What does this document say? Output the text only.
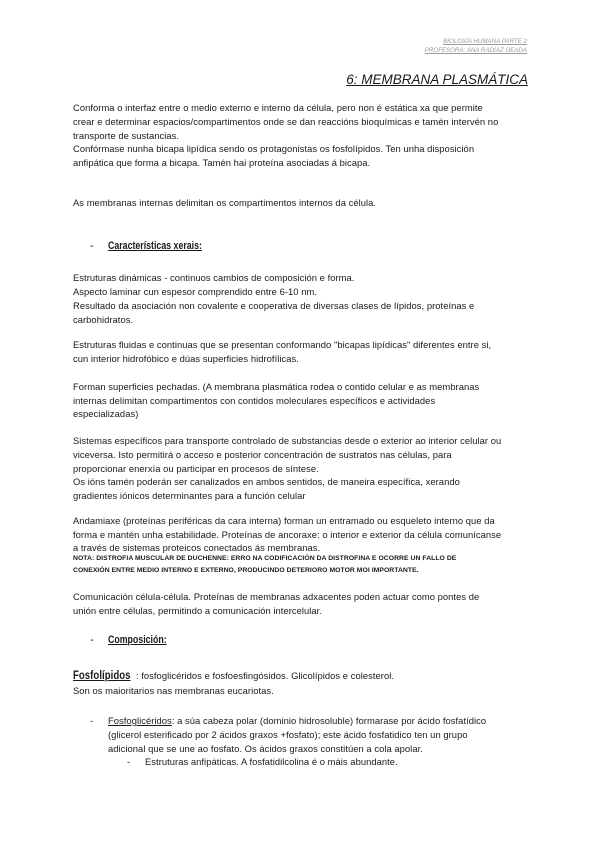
BIOLOXÍA HUMANA PARTE 2
PROFESORA: ANA RADÍAZ GEADA
6: MEMBRANA PLASMÁTICA
Conforma o interfaz entre o medio externo e interno da célula, pero non é estática xa que permite
crear e determinar espacios/compartimentos onde se dan reaccións bioquímicas e tamén intervén no
transporte de sustancias.
Confórmase nunha bicapa lipídica sendo os protagonistas os fosfolípidos. Ten unha disposición
anfipática que forma a bicapa. Tamén hai proteína asociadas á bicapa.
As membranas internas delimitan os compartimentos internos da célula.
- Características xerais:
Estruturas dinámicas - continuos cambios de composición e forma.
Aspecto laminar cun espesor comprendido entre 6-10 nm.
Resultado da asociación non covalente e cooperativa de diversas clases de lípidos, proteínas e
carbohidratos.
Estruturas fluidas e continuas que se presentan conformando "bicapas lipídicas" diferentes entre si,
cun interior hidrofóbico e dúas superficies hidrofílicas.
Forman superficies pechadas. (A membrana plasmática rodea o contido celular e as membranas
internas delimitan compartimentos con contidos moleculares específicos e actividades
especializadas)
Sistemas específicos para transporte controlado de substancias desde o exterior ao interior celular ou
viceversa. Isto permitirá o acceso e posterior concentración de sustratos nas células, para
proporcionar enerxía ou participar en procesos de síntese.
Os ións tamén poderán ser canalizados en ambos sentidos, de maneira específica, xerando
gradientes iónicos determinantes para a función celular
Andamiaxe (proteínas periféricas da cara interna) forman un entramado ou esqueleto interno que da
forma e mantén unha estabilidade. Proteínas de ancoraxe: o interior e exterior da célula comunícanse
a través de sistemas proteicos conectados ás membranas.
NOTA: DISTROFIA MUSCULAR DE DUCHENNE: ERRO NA CODIFICACIÓN DA DISTROFINA E OCORRE UN FALLO DE
CONEXIÓN ENTRE MEDIO INTERNO E EXTERNO, PRODUCINDO DETERIORO MOTOR MOI IMPORTANTE.
Comunicación célula-célula. Proteínas de membranas adxacentes poden actuar como pontes de
unión entre células, permitindo a comunicación intercelular.
- Composición:
Fosfolípidos : fosfoglicéridos e fosfoesfingósidos. Glicolípidos e colesterol.
Son os maioritarios nas membranas eucariotas.
- Fosfoglicéridos: a súa cabeza polar (dominio hidrosoluble) formarase por ácido fosfatídico
(glicerol esterificado por 2 ácidos graxos +fosfato); este ácido fosfatidico ten un grupo
adicional que se une ao fosfato. Os ácidos graxos constitúen a cola apolar.
- Estruturas anfipáticas. A fosfatidilcolina é o máis abundante.
